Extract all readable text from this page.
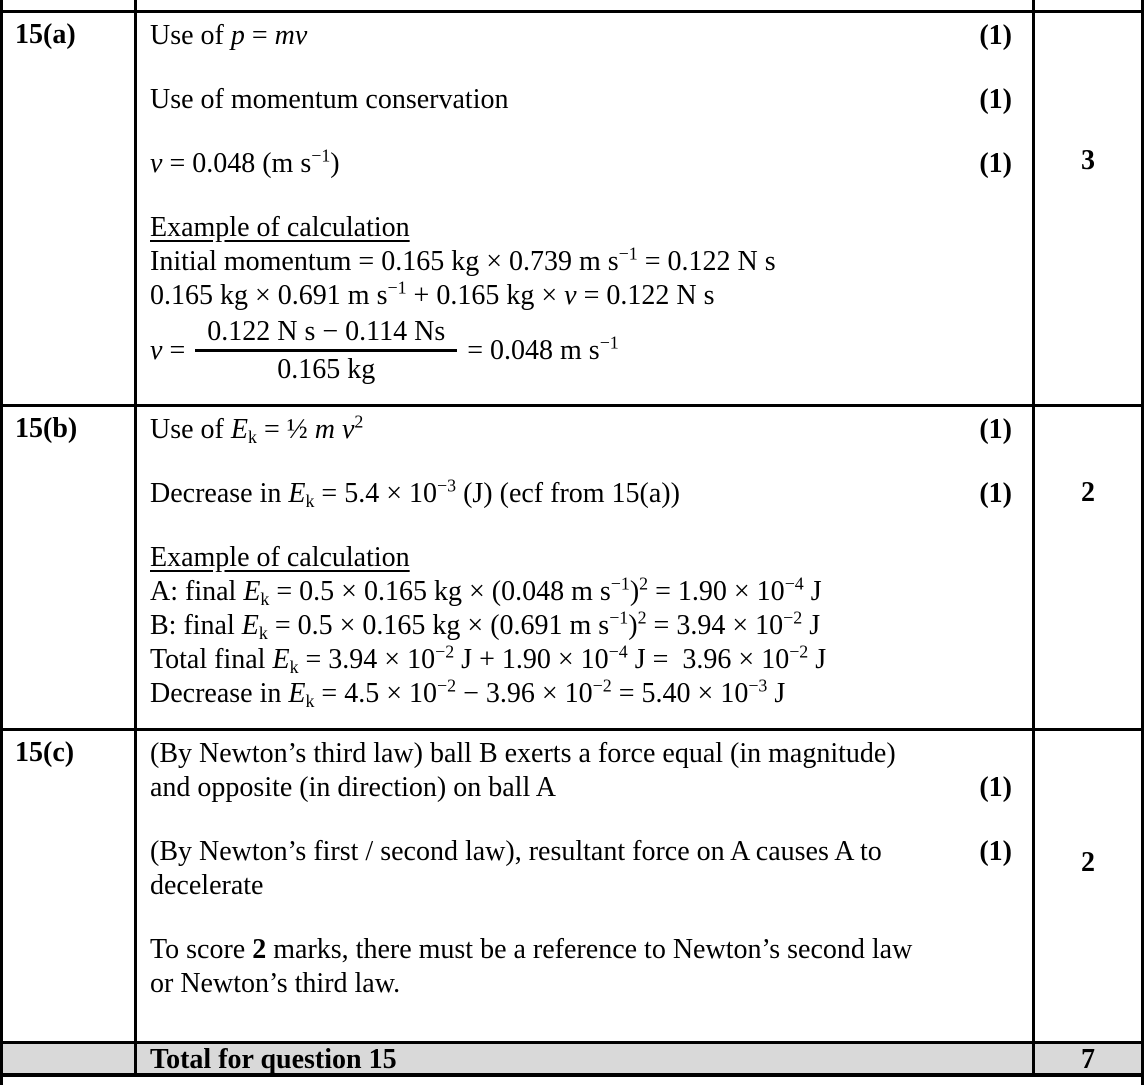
15(a)	Use of p = mv	(1)
Use of momentum conservation	(1)
v = 0.048 (m $s^{-1}$)	(1)
Example of calculation
Initial momentum = 0.165 kg × 0.739 m $s^{-1} = 0.122$ N s
0.165 kg × 0.691 m $s^{-1} + 0.165$ kg × v = 0.122 N s
$v = \frac{\text{0.122 N s − 0.114 Ns}}{0.165 kg} = 0.048$ m $s^{-1}$
3
15(b)	Use of $E_k$ = ½ m $v^2$	(1)
Decrease in $E_k = 5.4 \times 10^{-3}$ (J) (ecf from 15(a))	(1)
Example of calculation
A: final $E_k = 0.5 \times 0.165$ kg × (0.048 m $s^{-1})^2 = 1.90 \times 10^{-4}$ J
B: final $E_k = 0.5 \times 0.165$ kg × (0.691 m $s^{-1})^2 = 3.94 \times 10^{-2}$ J
Total final $E_k = 3.94 \times 10^{-2}$ $J + 1.90 \times 10^{-4}$ $J = 3.96 \times 10^{-2}$ J
Decrease in $E_k = 4.5 \times 10^{-2} - 3.96 \times 10^{-2} = 5.40 \times 10^{-3}$ J
2
15(c)	(By Newton’s third law) ball B exerts a force equal (in magnitude)
and opposite (in direction) on ball A	(1)
(By Newton’s first / second law), resultant force on A causes A to	(1)
decelerate
To score 2 marks, there must be a reference to Newton’s second law
or Newton’s third law.
2
Total for question 15	7
